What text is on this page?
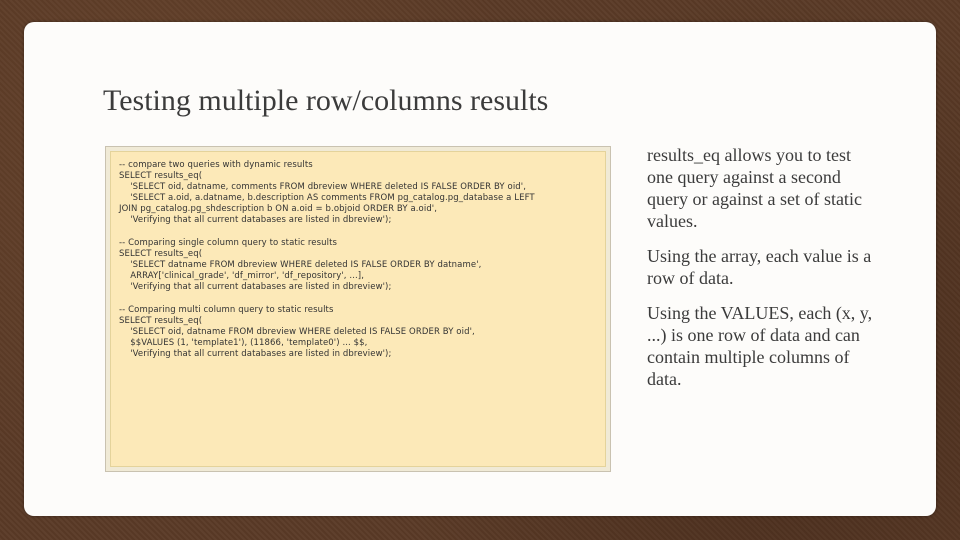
Testing multiple row/columns results
-- compare two queries with dynamic results
SELECT results_eq(
'SELECT oid, datname, comments FROM dbreview WHERE deleted IS FALSE ORDER BY oid',
'SELECT a.oid, a.datname, b.description AS comments FROM pg_catalog.pg_database a LEFT
JOIN pg_catalog.pg_shdescription b ON a.oid = b.objoid ORDER BY a.oid',
'Verifying that all current databases are listed in dbreview');
-- Comparing single column query to static results
SELECT results_eq(
'SELECT datname FROM dbreview WHERE deleted IS FALSE ORDER BY datname',
ARRAY['clinical_grade', 'df_mirror', 'df_repository', ...],
'Verifying that all current databases are listed in dbreview');
-- Comparing multi column query to static results
SELECT results_eq(
'SELECT oid, datname FROM dbreview WHERE deleted IS FALSE ORDER BY oid',
$$VALUES (1, 'template1'), (11866, 'template0') ... $$,
'Verifying that all current databases are listed in dbreview');
results_eq allows you to test one query against a second query or against a set of static values.
Using the array, each value is a row of data.
Using the VALUES, each (x, y, ...) is one row of data and can contain multiple columns of data.
